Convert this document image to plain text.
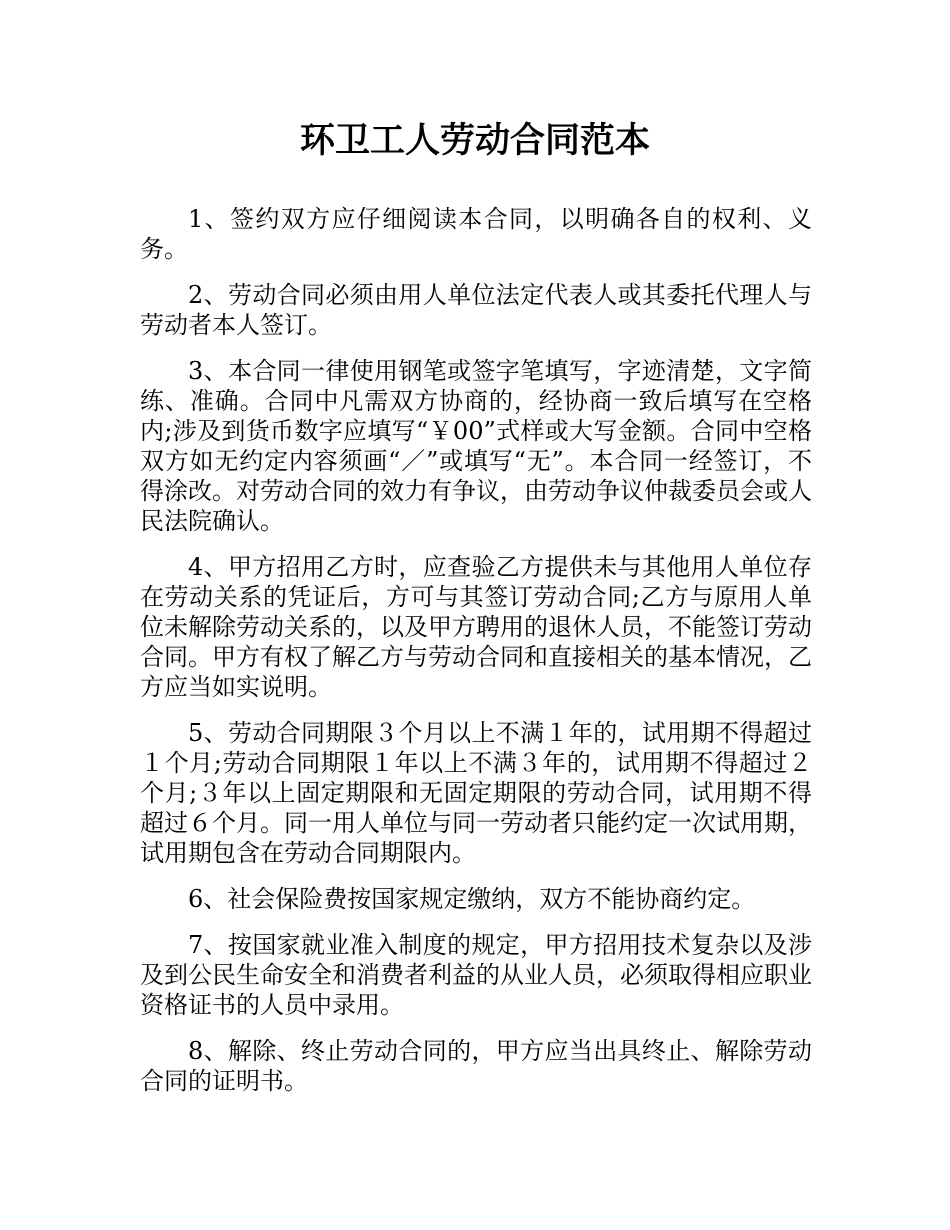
环卫工人劳动合同范本

1、签约双方应仔细阅读本合同，以明确各自的权利、义务。

2、劳动合同必须由用人单位法定代表人或其委托代理人与劳动者本人签订。

3、本合同一律使用钢笔或签字笔填写，字迹清楚，文字简练、准确。合同中凡需双方协商的，经协商一致后填写在空格内;涉及到货币数字应填写“￥00”式样或大写金额。合同中空格双方如无约定内容须画“／”或填写“无”。本合同一经签订，不得涂改。对劳动合同的效力有争议，由劳动争议仲裁委员会或人民法院确认。

4、甲方招用乙方时，应查验乙方提供未与其他用人单位存在劳动关系的凭证后，方可与其签订劳动合同;乙方与原用人单位未解除劳动关系的，以及甲方聘用的退休人员，不能签订劳动合同。甲方有权了解乙方与劳动合同和直接相关的基本情况，乙方应当如实说明。

5、劳动合同期限３个月以上不满１年的，试用期不得超过１个月;劳动合同期限１年以上不满３年的，试用期不得超过２个月;３年以上固定期限和无固定期限的劳动合同，试用期不得超过６个月。同一用人单位与同一劳动者只能约定一次试用期，试用期包含在劳动合同期限内。

6、社会保险费按国家规定缴纳，双方不能协商约定。

7、按国家就业准入制度的规定，甲方招用技术复杂以及涉及到公民生命安全和消费者利益的从业人员，必须取得相应职业资格证书的人员中录用。

8、解除、终止劳动合同的，甲方应当出具终止、解除劳动合同的证明书。
